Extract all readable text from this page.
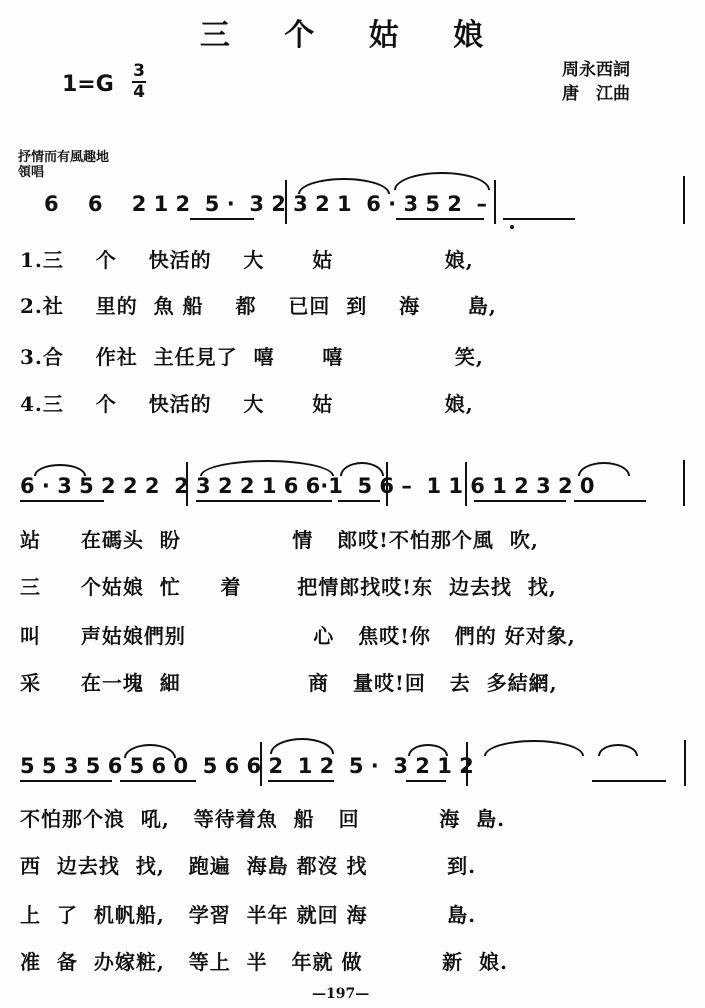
三 个 姑 娘
1=G
3
4
周永西詞
唐　江曲
抒情而有風趣地
領唱
6    6    2 1 2  5 ·  3 2 3 2 1  6 · 3 5 2  –
1.三    个    快活的    大      姑              娘,
2.社    里的  魚 船    都    已回  到    海      島,
3.合    作社  主任見了  嘻      嘻              笑,
4.三    个    快活的    大      姑              娘,
6 · 3 5 2 2 2  2 3 2 2 1 6 6·1  5 6 –  1 1 6 1 2 3 2 0
站     在碼头  盼              情   郎哎!不怕那个風  吹,
三     个姑娘  忙     着       把情郎找哎!东  边去找  找,
叫     声姑娘們别                心   焦哎!你   們的 好对象,
采     在一塊  細                商   量哎!回   去  多結網,
5 5 3 5 6 5 6 0  5 6 6 2  1 2  5 ·  3 2 1 2
不怕那个浪  吼,   等待着魚  船   回          海  島.
西  边去找  找,   跑遍  海島 都沒 找          到.
上  了  机帆船,   学習  半年 就回 海          島.
准  备  办嫁粧,   等上  半   年就 做          新  娘.
—197—
